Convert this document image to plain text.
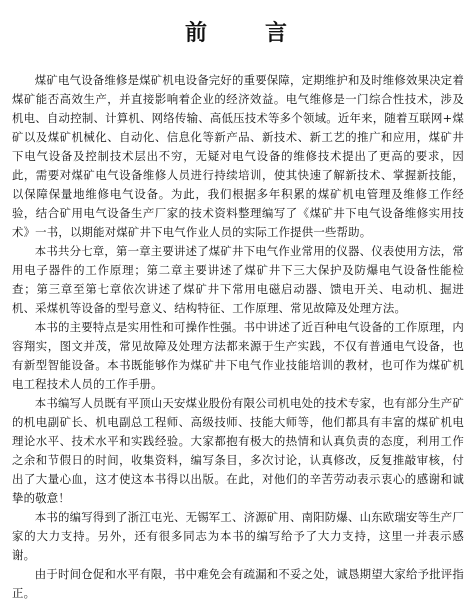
前　言

煤矿电气设备维修是煤矿机电设备完好的重要保障，定期维护和及时维修效果决定着煤矿能否高效生产，并直接影响着企业的经济效益。电气维修是一门综合性技术，涉及机电、自动控制、计算机、网络传输、高低压技术等多个领域。近年来，随着互联网+煤矿以及煤矿机械化、自动化、信息化等新产品、新技术、新工艺的推广和应用，煤矿井下电气设备及控制技术层出不穷，无疑对电气设备的维修技术提出了更高的要求，因此，需要对煤矿电气设备维修人员进行持续培训，使其快速了解新技术、掌握新技能，以保障保量地维修电气设备。为此，我们根据多年积累的煤矿机电管理及维修工作经验，结合矿用电气设备生产厂家的技术资料整理编写了《煤矿井下电气设备维修实用技术》一书，以期能对煤矿井下电气作业人员的实际工作提供一些帮助。

本书共分七章，第一章主要讲述了煤矿井下电气作业常用的仪器、仪表使用方法，常用电子器件的工作原理；第二章主要讲述了煤矿井下三大保护及防爆电气设备性能检查；第三章至第七章依次讲述了煤矿井下常用电磁启动器、馈电开关、电动机、掘进机、采煤机等设备的型号意义、结构特征、工作原理、常见故障及处理方法。

本书的主要特点是实用性和可操作性强。书中讲述了近百种电气设备的工作原理，内容翔实，图文并茂，常见故障及处理方法都来源于生产实践，不仅有普通电气设备，也有新型智能设备。本书既能够作为煤矿井下电气作业技能培训的教材，也可作为煤矿机电工程技术人员的工作手册。

本书编写人员既有平顶山天安煤业股份有限公司机电处的技术专家，也有部分生产矿的机电副矿长、机电副总工程师、高级技师、技能大师等，他们都具有丰富的煤矿机电理论水平、技术水平和实践经验。大家都抱有极大的热情和认真负责的态度，利用工作之余和节假日的时间，收集资料，编写条目，多次讨论，认真修改，反复推敲审核，付出了大量心血，这才使这本书得以出版。在此，对他们的辛苦劳动表示衷心的感谢和诚挚的敬意！

本书的编写得到了浙江屯光、无锡军工、济源矿用、南阳防爆、山东欧瑞安等生产厂家的大力支持。另外，还有很多同志为本书的编写给予了大力支持，这里一并表示感谢。

由于时间仓促和水平有限，书中难免会有疏漏和不妥之处，诚恳期望大家给予批评指正。
